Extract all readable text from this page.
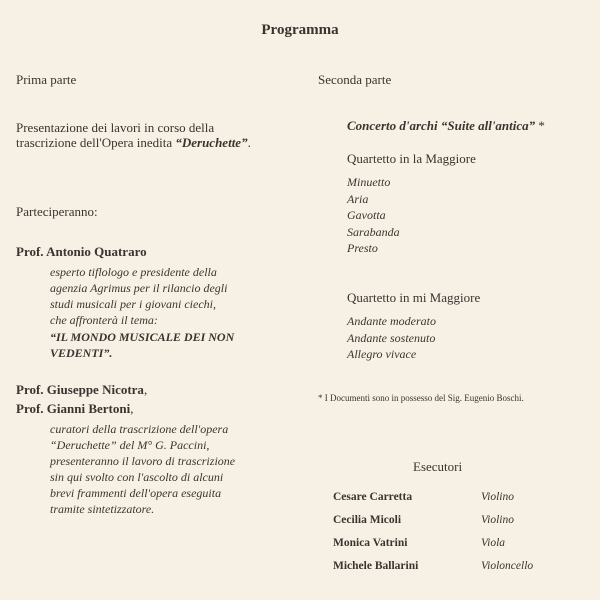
Programma
Prima parte
Presentazione dei lavori in corso della
trascrizione dell'Opera inedita “Deruchette”.
Parteciperanno:
Prof. Antonio Quatraro
esperto tiflologo e presidente della
agenzia Agrimus per il rilancio degli
studi musicali per i giovani ciechi,
che affronterà il tema:
“IL MONDO MUSICALE DEI NON
VEDENTI”.
Prof. Giuseppe Nicotra,
Prof. Gianni Bertoni,
curatori della trascrizione dell'opera
“Deruchette” del M° G. Paccini,
presenteranno il lavoro di trascrizione
sin qui svolto con l'ascolto di alcuni
brevi frammenti dell'opera eseguita
tramite sintetizzatore.
Seconda parte
Concerto d'archi “Suite all'antica” *
Quartetto in la Maggiore
Minuetto
Aria
Gavotta
Sarabanda
Presto
Quartetto in mi Maggiore
Andante moderato
Andante sostenuto
Allegro vivace
* I Documenti sono in possesso del Sig. Eugenio Boschi.
Esecutori
Cesare Carretta	Violino
Cecilia Micoli	Violino
Monica Vatrini	Viola
Michele Ballarini	Violoncello
